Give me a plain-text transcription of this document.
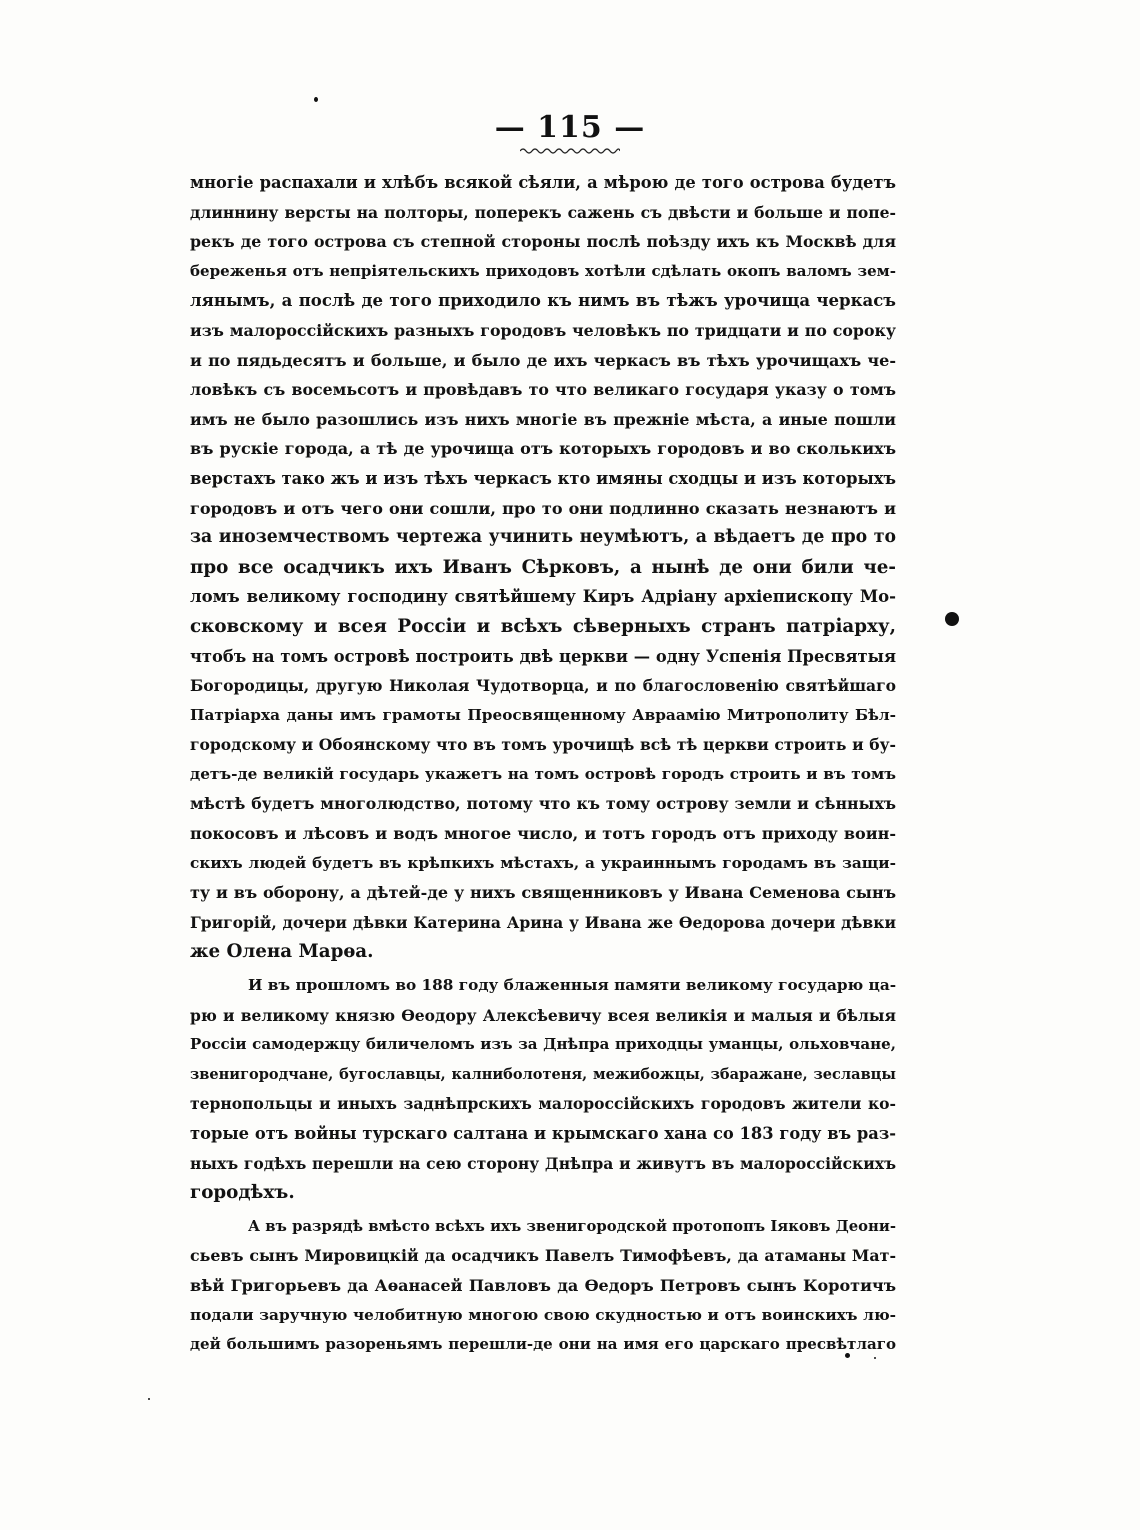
— 115 —
многіе распахали и хлѣбъ всякой сѣяли, а мѣрою де того острова будетъ
длиннину версты на полторы, поперекъ сажень съ двѣсти и больше и попе-
рекъ де того острова съ степной стороны послѣ поѣзду ихъ къ Москвѣ для
береженья отъ непріятельскихъ приходовъ хотѣли сдѣлать окопъ валомъ зем-
лянымъ, а послѣ де того приходило къ нимъ въ тѣжъ урочища черкасъ
изъ малороссійскихъ разныхъ городовъ человѣкъ по тридцати и по сороку
и по пядьдесятъ и больше, и было де ихъ черкасъ въ тѣхъ урочищахъ че-
ловѣкъ съ восемьсотъ и провѣдавъ то что великаго государя указу о томъ
имъ не было разошлись изъ нихъ многіе въ прежніе мѣста, а иные пошли
въ рускіе города, а тѣ де урочища отъ которыхъ городовъ и во сколькихъ
верстахъ тако жъ и изъ тѣхъ черкасъ кто имяны сходцы и изъ которыхъ
городовъ и отъ чего они сошли, про то они подлинно сказать незнаютъ и
за иноземчествомъ чертежа учинить неумѣютъ, а вѣдаетъ де про то
про все осадчикъ ихъ Иванъ Сѣрковъ, а нынѣ де они били че-
ломъ великому господину святѣйшему Киръ Адріану архіепископу Мо-
сковскому и всея Россіи и всѣхъ сѣверныхъ странъ патріарху,
чтобъ на томъ островѣ построить двѣ церкви — одну Успенія Пресвятыя
Богородицы, другую Николая Чудотворца, и по благословенію святѣйшаго
Патріарха даны имъ грамоты Преосвященному Авраамію Митрополиту Бѣл-
городскому и Обоянскому что въ томъ урочищѣ всѣ тѣ церкви строить и бу-
детъ-де великій государь укажетъ на томъ островѣ городъ строить и въ томъ
мѣстѣ будетъ многолюдство, потому что къ тому острову земли и сѣнныхъ
покосовъ и лѣсовъ и водъ многое число, и тотъ городъ отъ приходу воин-
скихъ людей будетъ въ крѣпкихъ мѣстахъ, а украиннымъ городамъ въ защи-
ту и въ оборону, а дѣтей-де у нихъ священниковъ у Ивана Семенова сынъ
Григорій, дочери дѣвки Катерина Арина у Ивана же Ѳедорова дочери дѣвки
же Олена Марѳа.
И въ прошломъ во 188 году блаженныя памяти великому государю ца-
рю и великому князю Ѳеодору Алексѣевичу всея великія и малыя и бѣлыя
Россіи самодержцу биличеломъ изъ за Днѣпра приходцы уманцы, ольховчане,
звенигородчане, бугославцы, калниболотеня, межибожцы, збаражане, зеславцы
тернопольцы и иныхъ заднѣпрскихъ малороссійскихъ городовъ жители ко-
торые отъ войны турскаго салтана и крымскаго хана со 183 году въ раз-
ныхъ годѣхъ перешли на сею сторону Днѣпра и живутъ въ малороссійскихъ
городѣхъ.
А въ разрядѣ вмѣсто всѣхъ ихъ звенигородской протопопъ Іяковъ Деони-
сьевъ сынъ Мировицкій да осадчикъ Павелъ Тимофѣевъ, да атаманы Мат-
вѣй Григорьевъ да Аѳанасей Павловъ да Ѳедоръ Петровъ сынъ Коротичъ
подали заручную челобитную многою свою скудностью и отъ воинскихъ лю-
дей большимъ разореньямъ перешли-де они на имя его царскаго пресвѣтлаго
